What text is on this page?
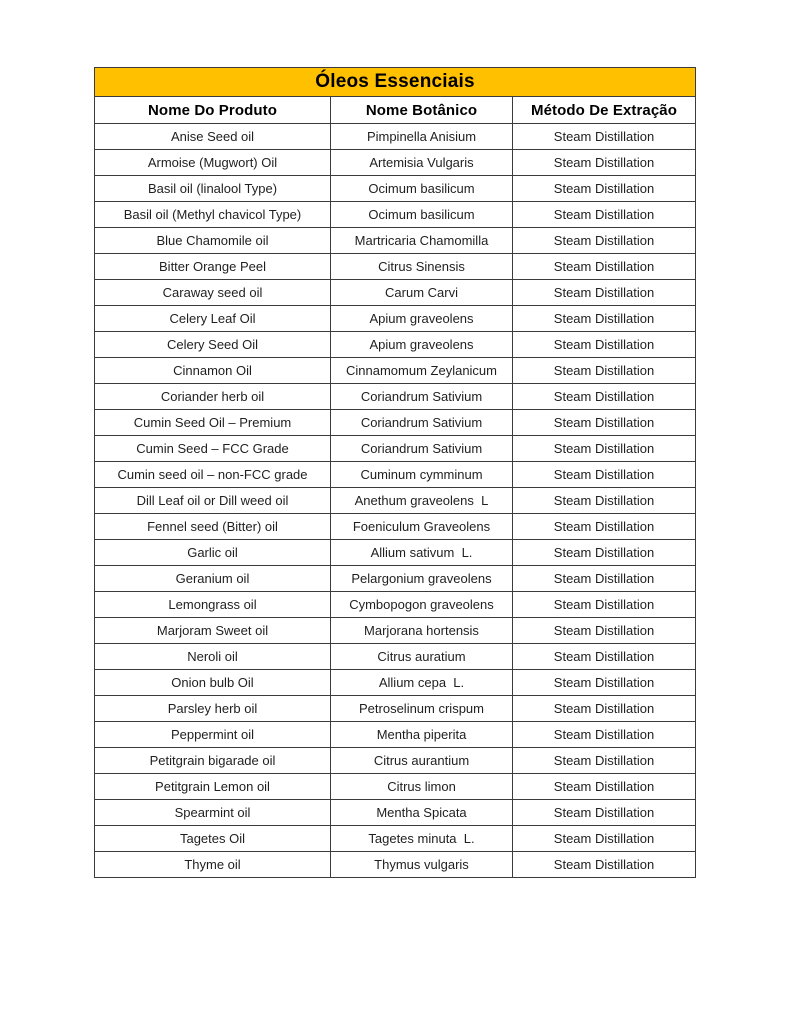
Óleos Essenciais		
Nome Do Produto	Nome Botânico	Método De Extração
Anise Seed oil	Pimpinella Anisium	Steam Distillation
Armoise (Mugwort) Oil	Artemisia Vulgaris	Steam Distillation
Basil oil (linalool Type)	Ocimum basilicum	Steam Distillation
Basil oil (Methyl chavicol Type)	Ocimum basilicum	Steam Distillation
Blue Chamomile oil	Martricaria Chamomilla	Steam Distillation
Bitter Orange Peel	Citrus Sinensis	Steam Distillation
Caraway seed oil	Carum Carvi	Steam Distillation
Celery Leaf Oil	Apium graveolens	Steam Distillation
Celery Seed Oil	Apium graveolens	Steam Distillation
Cinnamon Oil	Cinnamomum Zeylanicum	Steam Distillation
Coriander herb oil	Coriandrum Sativium	Steam Distillation
Cumin Seed Oil – Premium	Coriandrum Sativium	Steam Distillation
Cumin Seed – FCC Grade	Coriandrum Sativium	Steam Distillation
Cumin seed oil – non-FCC grade	Cuminum cymminum	Steam Distillation
Dill Leaf oil or Dill weed oil	Anethum graveolens  L	Steam Distillation
Fennel seed (Bitter) oil	Foeniculum Graveolens	Steam Distillation
Garlic oil	Allium sativum  L.	Steam Distillation
Geranium oil	Pelargonium graveolens	Steam Distillation
Lemongrass oil	Cymbopogon graveolens	Steam Distillation
Marjoram Sweet oil	Marjorana hortensis	Steam Distillation
Neroli oil	Citrus auratium	Steam Distillation
Onion bulb Oil	Allium cepa  L.	Steam Distillation
Parsley herb oil	Petroselinum crispum	Steam Distillation
Peppermint oil	Mentha piperita	Steam Distillation
Petitgrain bigarade oil	Citrus aurantium	Steam Distillation
Petitgrain Lemon oil	Citrus limon	Steam Distillation
Spearmint oil	Mentha Spicata	Steam Distillation
Tagetes Oil	Tagetes minuta  L.	Steam Distillation
Thyme oil	Thymus vulgaris	Steam Distillation
